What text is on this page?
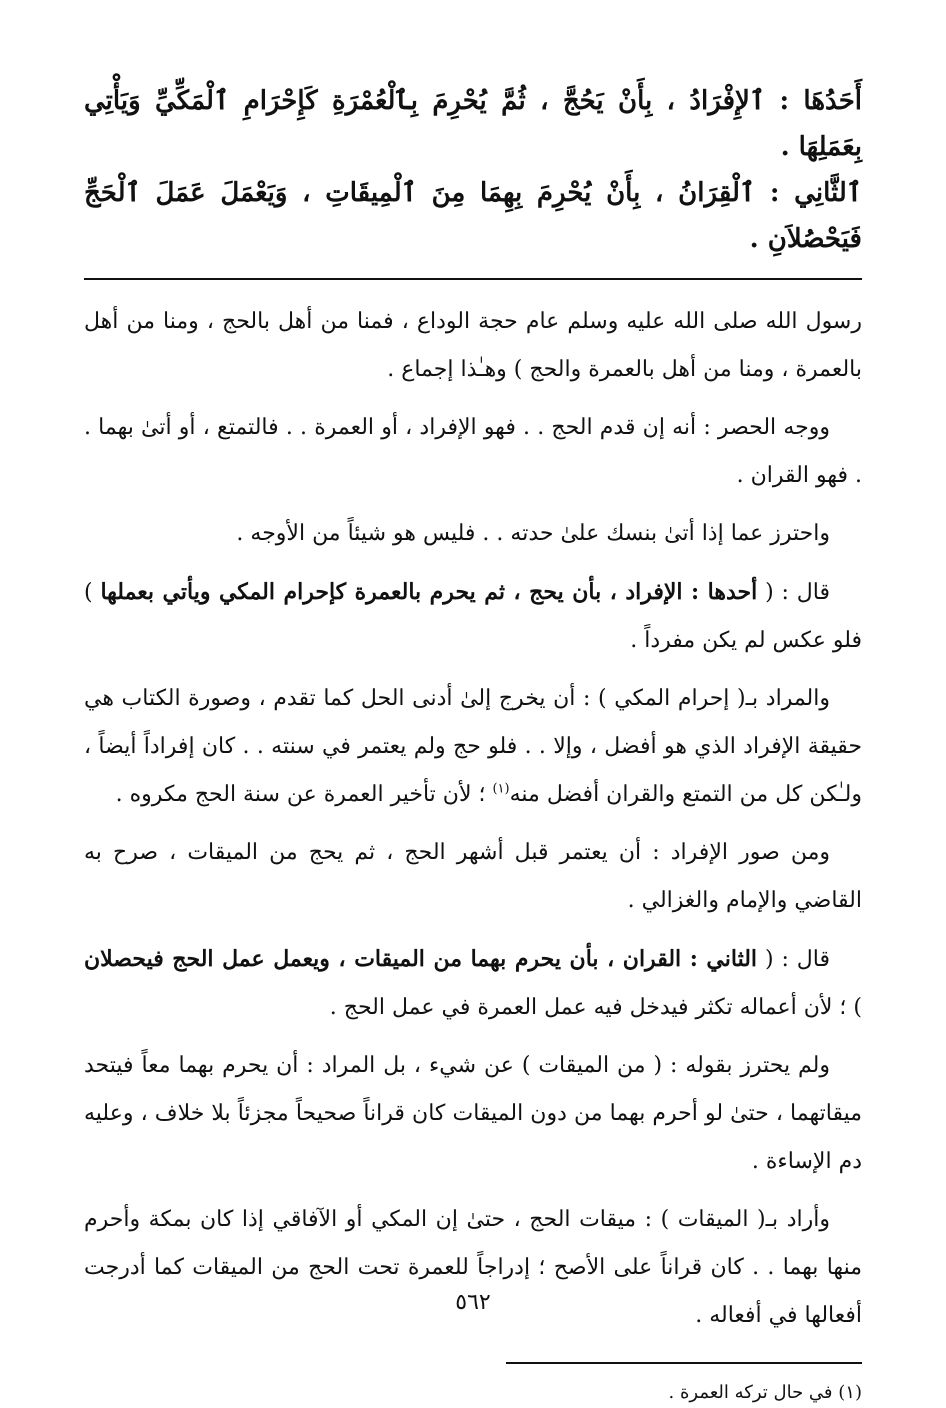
أَحَدُهَا : ٱلإِفْرَادُ ، بِأَنْ يَحُجَّ ، ثُمَّ يُحْرِمَ بِٱلْعُمْرَةِ كَإِحْرَامِ ٱلْمَكِّيِّ وَيَأْتِي بِعَمَلِهَا .

ٱلثَّانِي : ٱلْقِرَانُ ، بِأَنْ يُحْرِمَ بِهِمَا مِنَ ٱلْمِيقَاتِ ، وَيَعْمَلَ عَمَلَ ٱلْحَجِّ فَيَحْصُلاَنِ .

رسول الله صلى الله عليه وسلم عام حجة الوداع ، فمنا من أهل بالحج ، ومنا من أهل بالعمرة ، ومنا من أهل بالعمرة والحج ) وهـٰذا إجماع .

ووجه الحصر : أنه إن قدم الحج . . فهو الإفراد ، أو العمرة . . فالتمتع ، أو أتىٰ بهما . . فهو القران .

واحترز عما إذا أتىٰ بنسك علىٰ حدته . . فليس هو شيئاً من الأوجه .

قال : ( أحدها : الإفراد ، بأن يحج ، ثم يحرم بالعمرة كإحرام المكي ويأتي بعملها ) فلو عكس لم يكن مفرداً .

والمراد بـ( إحرام المكي ) : أن يخرج إلىٰ أدنى الحل كما تقدم ، وصورة الكتاب هي حقيقة الإفراد الذي هو أفضل ، وإلا . . فلو حج ولم يعتمر في سنته . . كان إفراداً أيضاً ، ولـٰكن كل من التمتع والقران أفضل منه$^{(١)}$ ؛ لأن تأخير العمرة عن سنة الحج مكروه .

ومن صور الإفراد : أن يعتمر قبل أشهر الحج ، ثم يحج من الميقات ، صرح به القاضي والإمام والغزالي .

قال : ( الثاني : القران ، بأن يحرم بهما من الميقات ، ويعمل عمل الحج فيحصلان ) ؛ لأن أعماله تكثر فيدخل فيه عمل العمرة في عمل الحج .

ولم يحترز بقوله : ( من الميقات ) عن شيء ، بل المراد : أن يحرم بهما معاً فيتحد ميقاتهما ، حتىٰ لو أحرم بهما من دون الميقات كان قراناً صحيحاً مجزئاً بلا خلاف ، وعليه دم الإساءة .

وأراد بـ( الميقات ) : ميقات الحج ، حتىٰ إن المكي أو الآفاقي إذا كان بمكة وأحرم منها بهما . . كان قراناً على الأصح ؛ إدراجاً للعمرة تحت الحج من الميقات كما أدرجت أفعالها في أفعاله .

(١) في حال تركه العمرة .
٥٦٢
